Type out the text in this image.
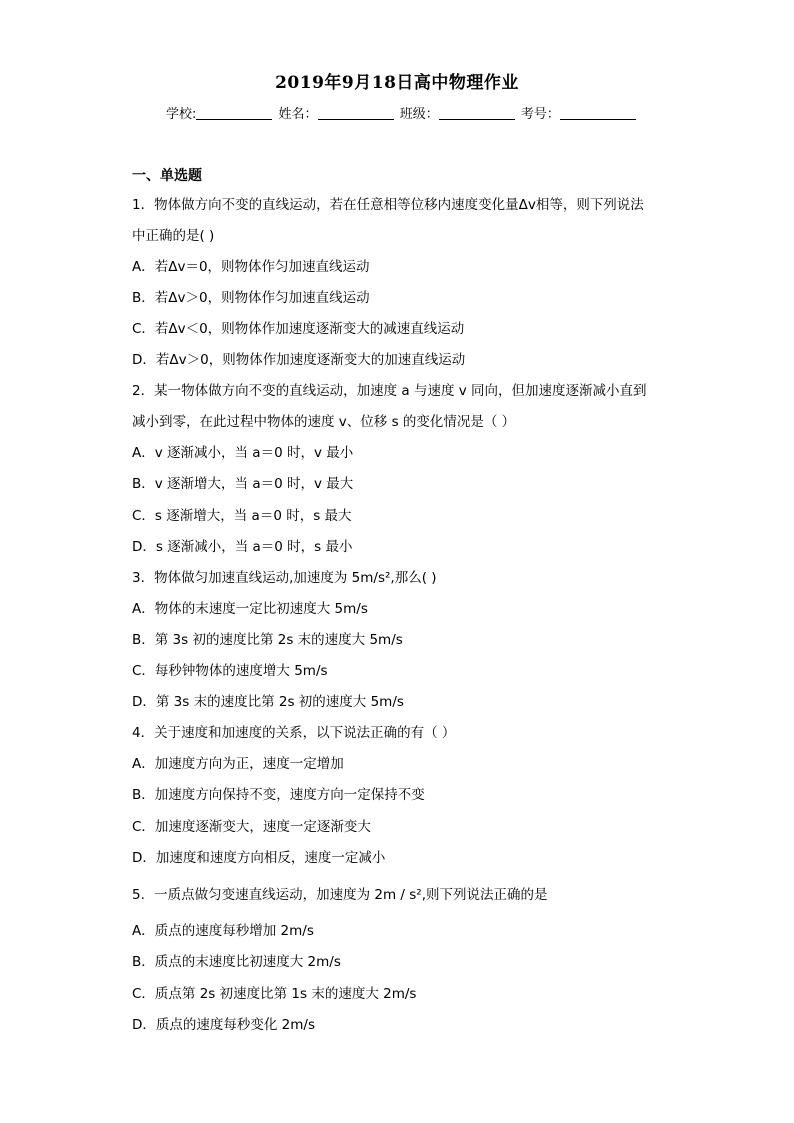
2019年9月18日高中物理作业
学校:	姓名：	班级：	考号：
一、单选题
1．物体做方向不变的直线运动，若在任意相等位移内速度变化量Δv相等，则下列说法
中正确的是( )
A．若Δv＝0，则物体作匀加速直线运动
B．若Δv＞0，则物体作匀加速直线运动
C．若Δv＜0，则物体作加速度逐渐变大的减速直线运动
D．若Δv＞0，则物体作加速度逐渐变大的加速直线运动
2．某一物体做方向不变的直线运动，加速度 a 与速度 v 同向，但加速度逐渐减小直到
减小到零，在此过程中物体的速度 v、位移 s 的变化情况是（ ）
A．v 逐渐减小，当 a＝0 时，v 最小
B．v 逐渐增大，当 a＝0 时，v 最大
C．s 逐渐增大，当 a＝0 时，s 最大
D．s 逐渐减小，当 a＝0 时，s 最小
3．物体做匀加速直线运动,加速度为 5m/s²,那么( )
A．物体的末速度一定比初速度大 5m/s
B．第 3s 初的速度比第 2s 末的速度大 5m/s
C．每秒钟物体的速度增大 5m/s
D．第 3s 末的速度比第 2s 初的速度大 5m/s
4．关于速度和加速度的关系，以下说法正确的有（ ）
A．加速度方向为正，速度一定增加
B．加速度方向保持不变，速度方向一定保持不变
C．加速度逐渐变大，速度一定逐渐变大
D．加速度和速度方向相反，速度一定减小
5．一质点做匀变速直线运动，加速度为 2m / s²,则下列说法正确的是
A．质点的速度每秒增加 2m/s
B．质点的末速度比初速度大 2m/s
C．质点第 2s 初速度比第 1s 末的速度大 2m/s
D．质点的速度每秒变化 2m/s
